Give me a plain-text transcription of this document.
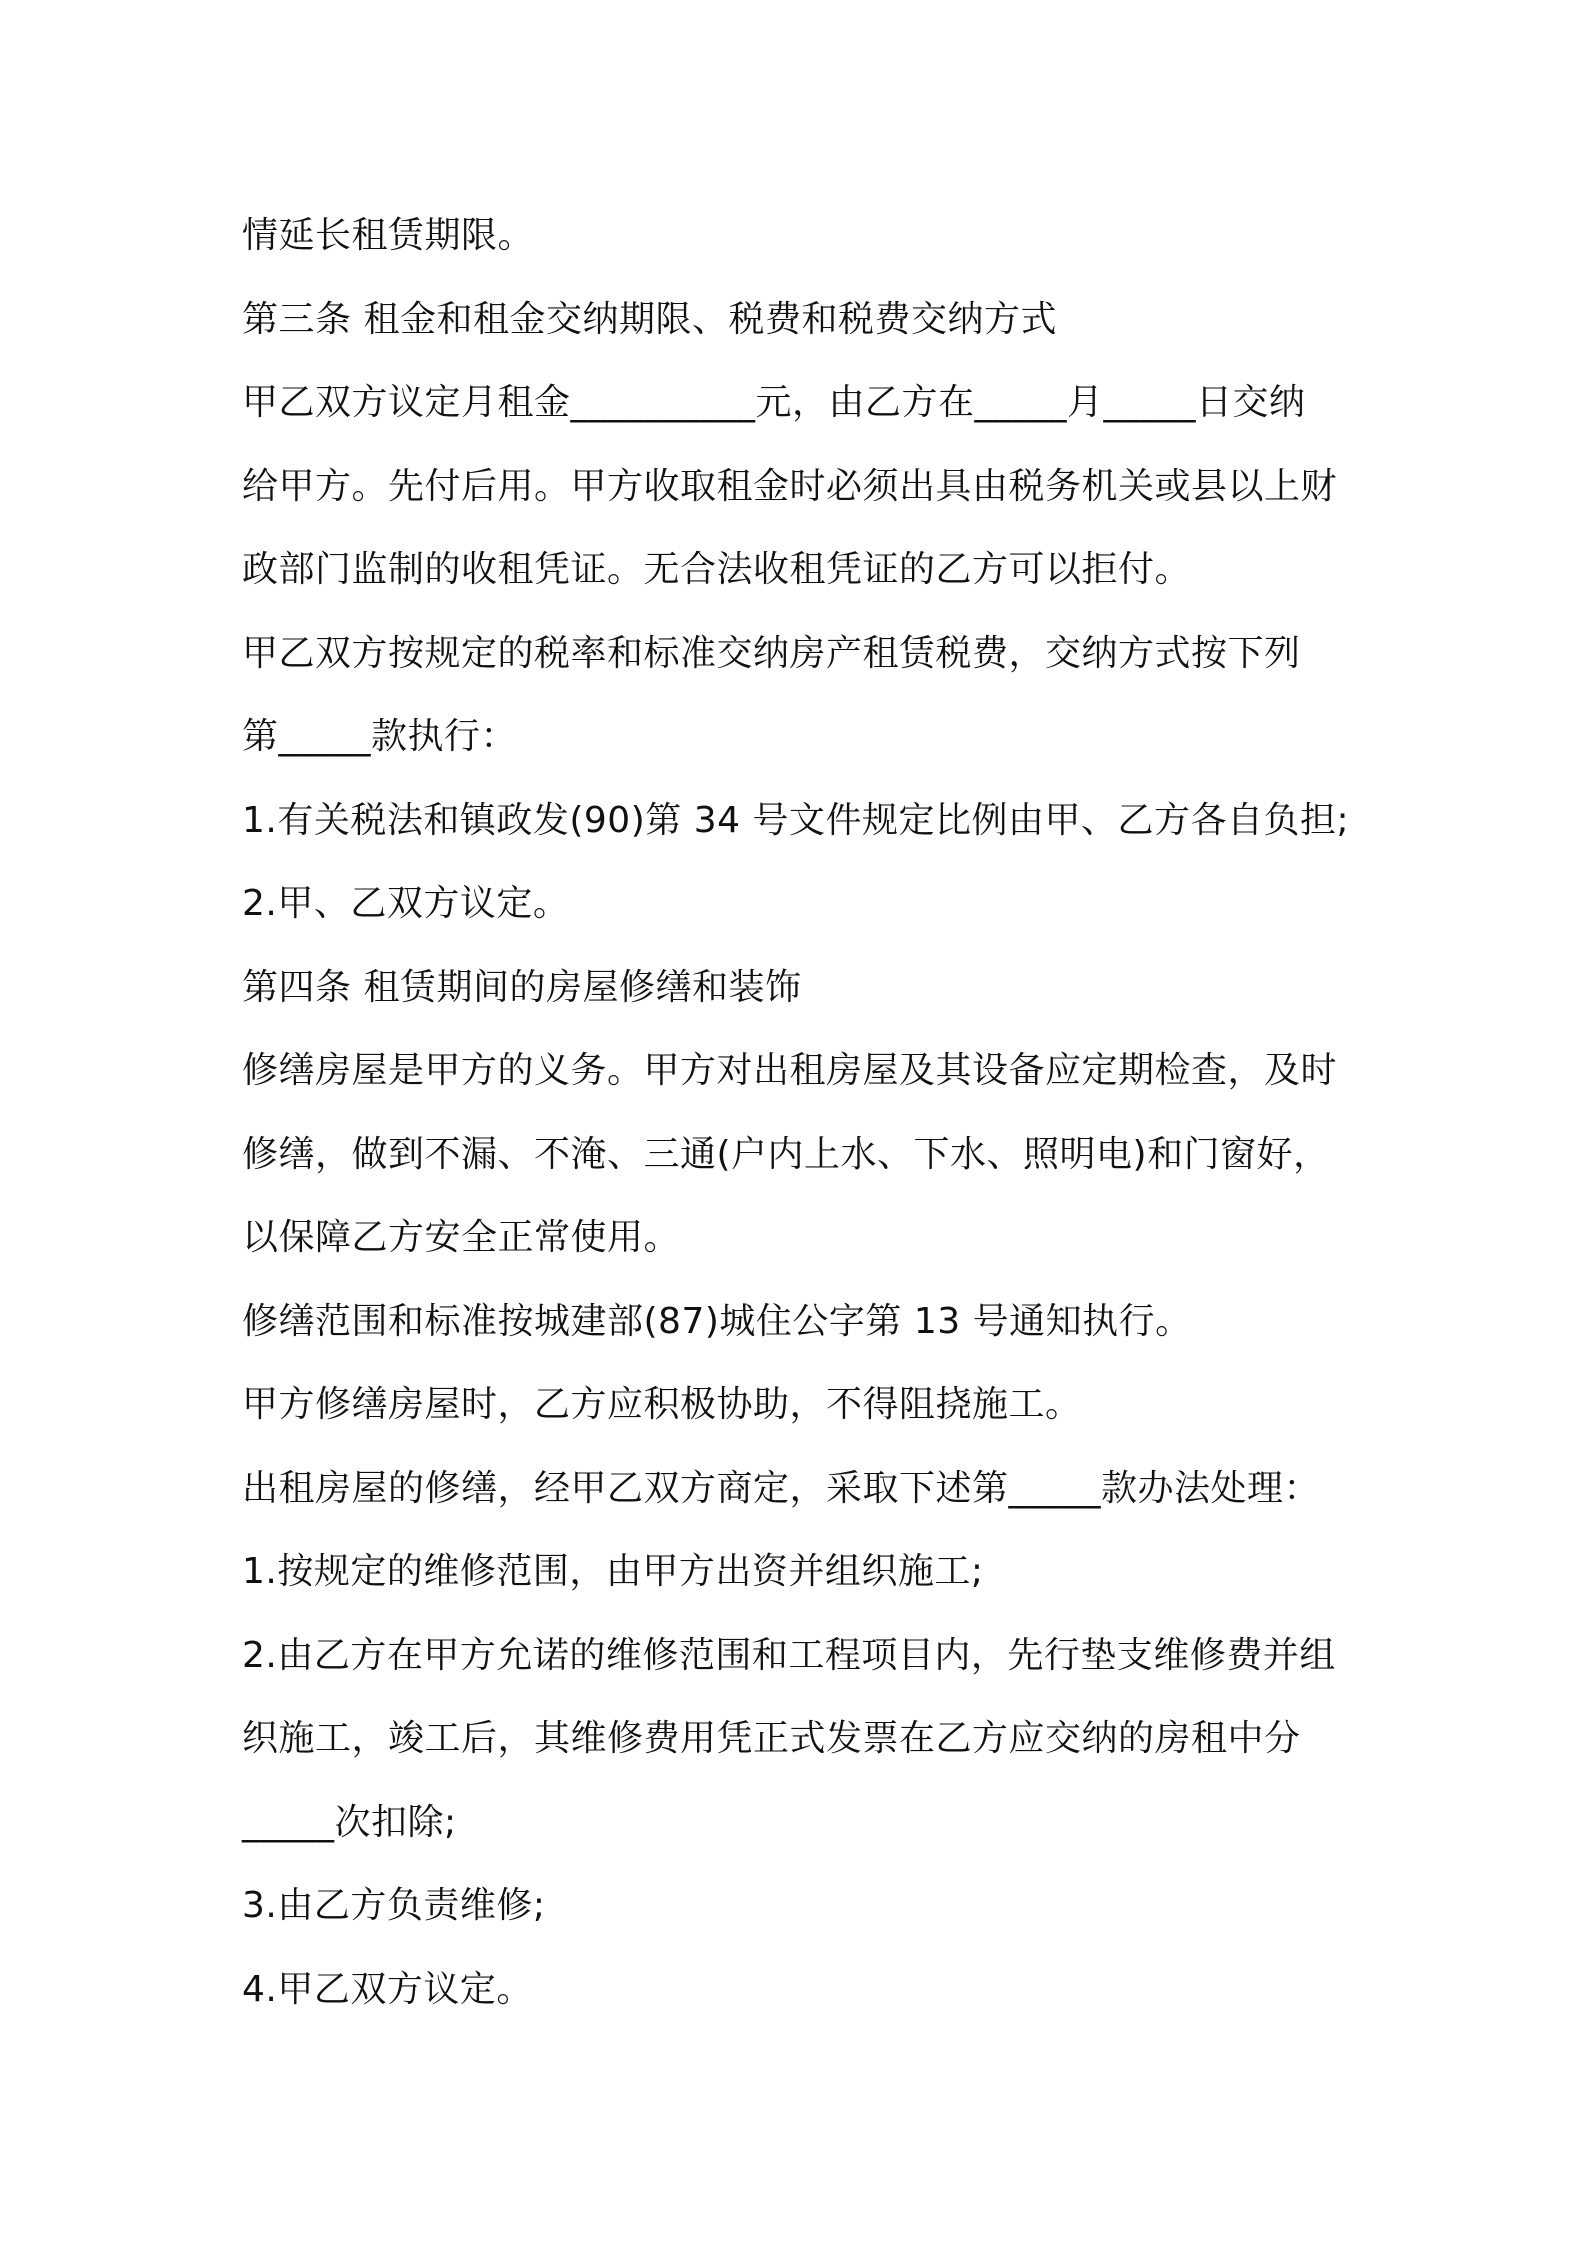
情延长租赁期限。
第三条 租金和租金交纳期限、税费和税费交纳方式
甲乙双方议定月租金__________元，由乙方在_____月_____日交纳
给甲方。先付后用。甲方收取租金时必须出具由税务机关或县以上财
政部门监制的收租凭证。无合法收租凭证的乙方可以拒付。
甲乙双方按规定的税率和标准交纳房产租赁税费，交纳方式按下列
第_____款执行：
1.有关税法和镇政发(90)第 34 号文件规定比例由甲、乙方各自负担;
2.甲、乙双方议定。
第四条 租赁期间的房屋修缮和装饰
修缮房屋是甲方的义务。甲方对出租房屋及其设备应定期检查，及时
修缮，做到不漏、不淹、三通(户内上水、下水、照明电)和门窗好，
以保障乙方安全正常使用。
修缮范围和标准按城建部(87)城住公字第 13 号通知执行。
甲方修缮房屋时，乙方应积极协助，不得阻挠施工。
出租房屋的修缮，经甲乙双方商定，采取下述第_____款办法处理：
1.按规定的维修范围，由甲方出资并组织施工;
2.由乙方在甲方允诺的维修范围和工程项目内，先行垫支维修费并组
织施工，竣工后，其维修费用凭正式发票在乙方应交纳的房租中分
_____次扣除;
3.由乙方负责维修;
4.甲乙双方议定。
